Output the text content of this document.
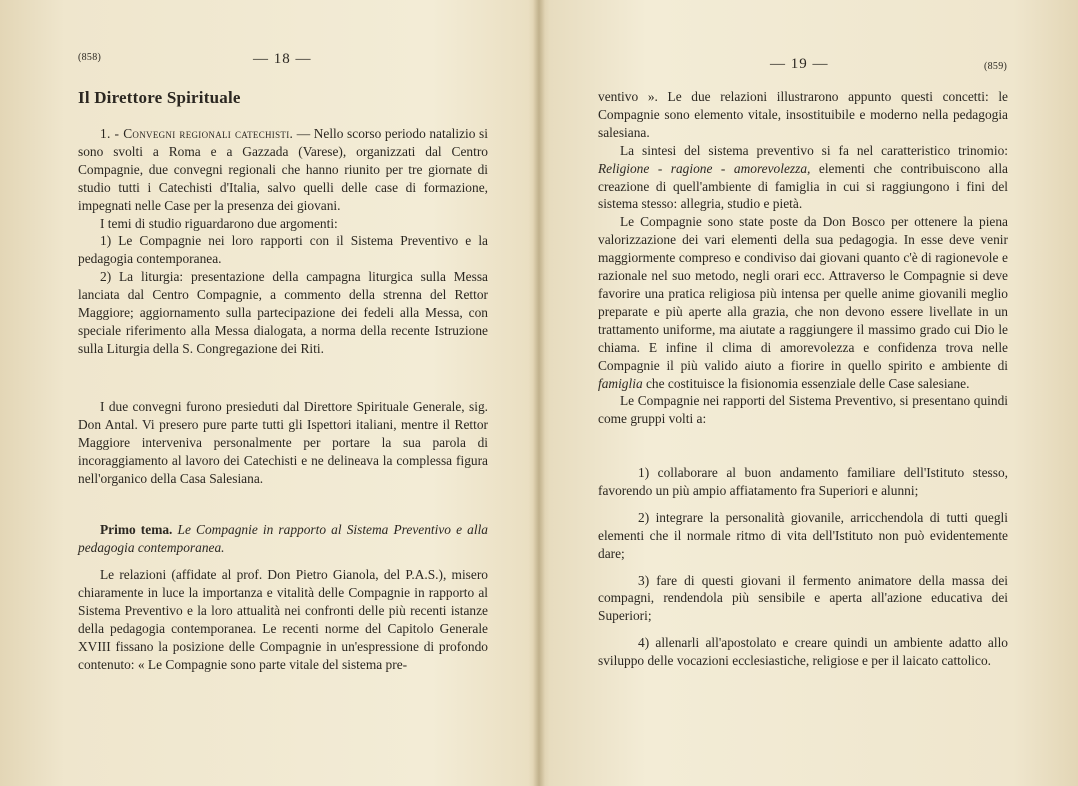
(858)	— 18 —
Il Direttore Spirituale

1. - Convegni regionali catechisti. — Nello scorso periodo natalizio si sono svolti a Roma e a Gazzada (Varese), organizzati dal Centro Compagnie, due convegni regionali che hanno riunito per tre giornate di studio tutti i Catechisti d'Italia, salvo quelli delle case di formazione, impegnati nelle Case per la presenza dei giovani.

I temi di studio riguardarono due argomenti:

1) Le Compagnie nei loro rapporti con il Sistema Preventivo e la pedagogia contemporanea.

2) La liturgia: presentazione della campagna liturgica sulla Messa lanciata dal Centro Compagnie, a commento della strenna del Rettor Maggiore; aggiornamento sulla partecipazione dei fedeli alla Messa, con speciale riferimento alla Messa dialogata, a norma della recente Istruzione sulla Liturgia della S. Congregazione dei Riti.

I due convegni furono presieduti dal Direttore Spirituale Generale, sig. Don Antal. Vi presero pure parte tutti gli Ispettori italiani, mentre il Rettor Maggiore interveniva personalmente per portare la sua parola di incoraggiamento al lavoro dei Catechisti e ne delineava la complessa figura nell'organico della Casa Salesiana.

Primo tema. Le Compagnie in rapporto al Sistema Preventivo e alla pedagogia contemporanea.

Le relazioni (affidate al prof. Don Pietro Gianola, del P.A.S.), misero chiaramente in luce la importanza e vitalità delle Compagnie in rapporto al Sistema Preventivo e la loro attualità nei confronti delle più recenti istanze della pedagogia contemporanea. Le recenti norme del Capitolo Generale XVIII fissano la posizione delle Compagnie in un'espressione di profondo contenuto: « Le Compagnie sono parte vitale del sistema pre-

— 19 —	(859)

ventivo ». Le due relazioni illustrarono appunto questi concetti: le Compagnie sono elemento vitale, insostituibile e moderno nella pedagogia salesiana.

La sintesi del sistema preventivo si fa nel caratteristico trinomio: Religione - ragione - amorevolezza, elementi che contribuiscono alla creazione di quell'ambiente di famiglia in cui si raggiungono i fini del sistema stesso: allegria, studio e pietà.

Le Compagnie sono state poste da Don Bosco per ottenere la piena valorizzazione dei vari elementi della sua pedagogia. In esse deve venir maggiormente compreso e condiviso dai giovani quanto c'è di ragionevole e razionale nel suo metodo, negli orari ecc. Attraverso le Compagnie si deve favorire una pratica religiosa più intensa per quelle anime giovanili meglio preparate e più aperte alla grazia, che non devono essere livellate in un trattamento uniforme, ma aiutate a raggiungere il massimo grado cui Dio le chiama. E infine il clima di amorevolezza e confidenza trova nelle Compagnie il più valido aiuto a fiorire in quello spirito e ambiente di famiglia che costituisce la fisionomia essenziale delle Case salesiane.

Le Compagnie nei rapporti del Sistema Preventivo, si presentano quindi come gruppi volti a:

1) collaborare al buon andamento familiare dell'Istituto stesso, favorendo un più ampio affiatamento fra Superiori e alunni;

2) integrare la personalità giovanile, arricchendola di tutti quegli elementi che il normale ritmo di vita dell'Istituto non può evidentemente dare;

3) fare di questi giovani il fermento animatore della massa dei compagni, rendendola più sensibile e aperta all'azione educativa dei Superiori;

4) allenarli all'apostolato e creare quindi un ambiente adatto allo sviluppo delle vocazioni ecclesiastiche, religiose e per il laicato cattolico.
